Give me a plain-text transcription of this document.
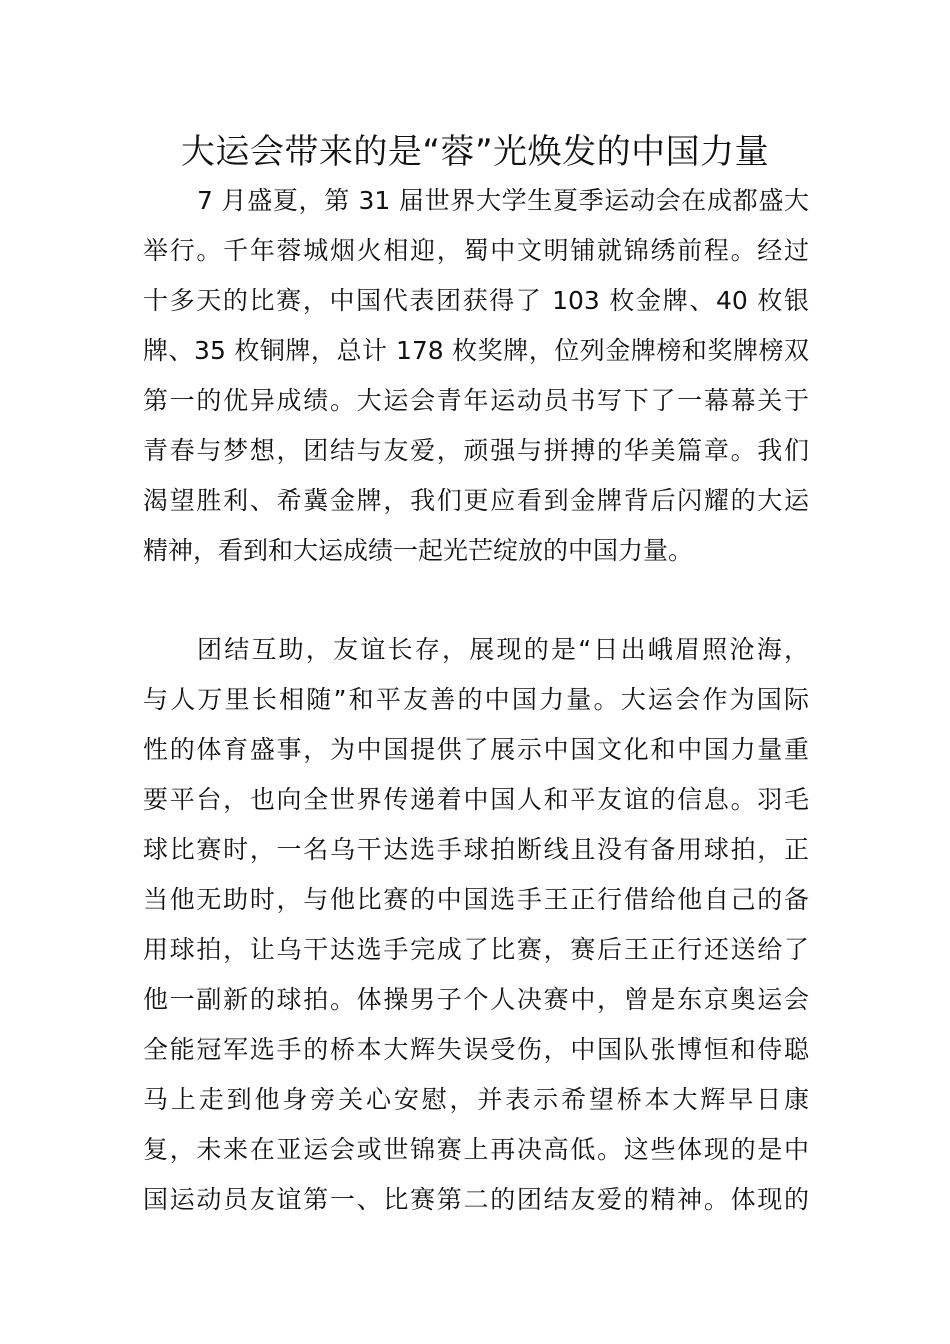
大运会带来的是“蓉”光焕发的中国力量
7 月盛夏，第 31 届世界大学生夏季运动会在成都盛大
举行。千年蓉城烟火相迎，蜀中文明铺就锦绣前程。经过
十多天的比赛，中国代表团获得了 103 枚金牌、40 枚银
牌、35 枚铜牌，总计 178 枚奖牌，位列金牌榜和奖牌榜双
第一的优异成绩。大运会青年运动员书写下了一幕幕关于
青春与梦想，团结与友爱，顽强与拼搏的华美篇章。我们
渴望胜利、希冀金牌，我们更应看到金牌背后闪耀的大运
精神，看到和大运成绩一起光芒绽放的中国力量。
团结互助，友谊长存，展现的是“日出峨眉照沧海，
与人万里长相随”和平友善的中国力量。大运会作为国际
性的体育盛事，为中国提供了展示中国文化和中国力量重
要平台，也向全世界传递着中国人和平友谊的信息。羽毛
球比赛时，一名乌干达选手球拍断线且没有备用球拍，正
当他无助时，与他比赛的中国选手王正行借给他自己的备
用球拍，让乌干达选手完成了比赛，赛后王正行还送给了
他一副新的球拍。体操男子个人决赛中，曾是东京奥运会
全能冠军选手的桥本大辉失误受伤，中国队张博恒和侍聪
马上走到他身旁关心安慰，并表示希望桥本大辉早日康
复，未来在亚运会或世锦赛上再决高低。这些体现的是中
国运动员友谊第一、比赛第二的团结友爱的精神。体现的
